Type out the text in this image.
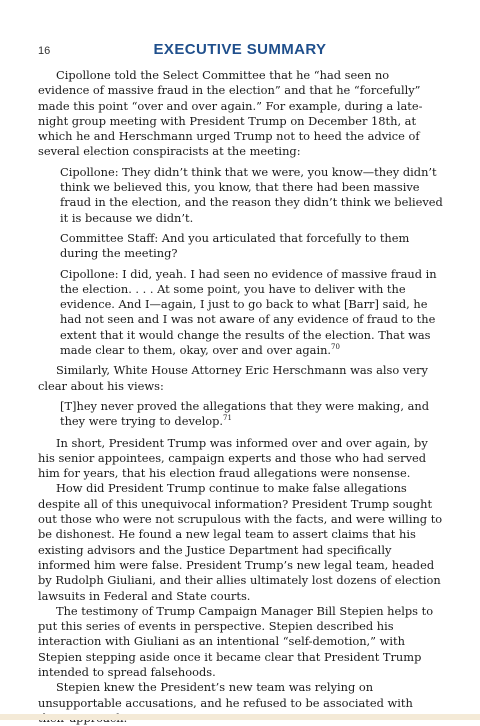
16	EXECUTIVE SUMMARY

Cipollone told the Select Committee that he “had seen no evidence of massive fraud in the election” and that he “forcefully” made this point “over and over again.” For example, during a late-night group meeting with President Trump on December 18th, at which he and Herschmann urged Trump not to heed the advice of several election conspiracists at the meeting:

Cipollone: They didn’t think that we were, you know—they didn’t think we believed this, you know, that there had been massive fraud in the election, and the reason they didn’t think we believed it is because we didn’t.

Committee Staff: And you articulated that forcefully to them during the meeting?

Cipollone: I did, yeah. I had seen no evidence of massive fraud in the election. . . . At some point, you have to deliver with the evidence. And I—again, I just to go back to what [Barr] said, he had not seen and I was not aware of any evidence of fraud to the extent that it would change the results of the election. That was made clear to them, okay, over and over again.$^{70}$

Similarly, White House Attorney Eric Herschmann was also very clear about his views:

[T]hey never proved the allegations that they were making, and they were trying to develop.$^{71}$

In short, President Trump was informed over and over again, by his senior appointees, campaign experts and those who had served him for years, that his election fraud allegations were nonsense.

How did President Trump continue to make false allegations despite all of this unequivocal information? President Trump sought out those who were not scrupulous with the facts, and were willing to be dishonest. He found a new legal team to assert claims that his existing advisors and the Justice Department had specifically informed him were false. President Trump’s new legal team, headed by Rudolph Giuliani, and their allies ultimately lost dozens of election lawsuits in Federal and State courts.

The testimony of Trump Campaign Manager Bill Stepien helps to put this series of events in perspective. Stepien described his interaction with Giuliani as an intentional “self-demotion,” with Stepien stepping aside once it became clear that President Trump intended to spread falsehoods.

Stepien knew the President’s new team was relying on unsupportable accusations, and he refused to be associated with
